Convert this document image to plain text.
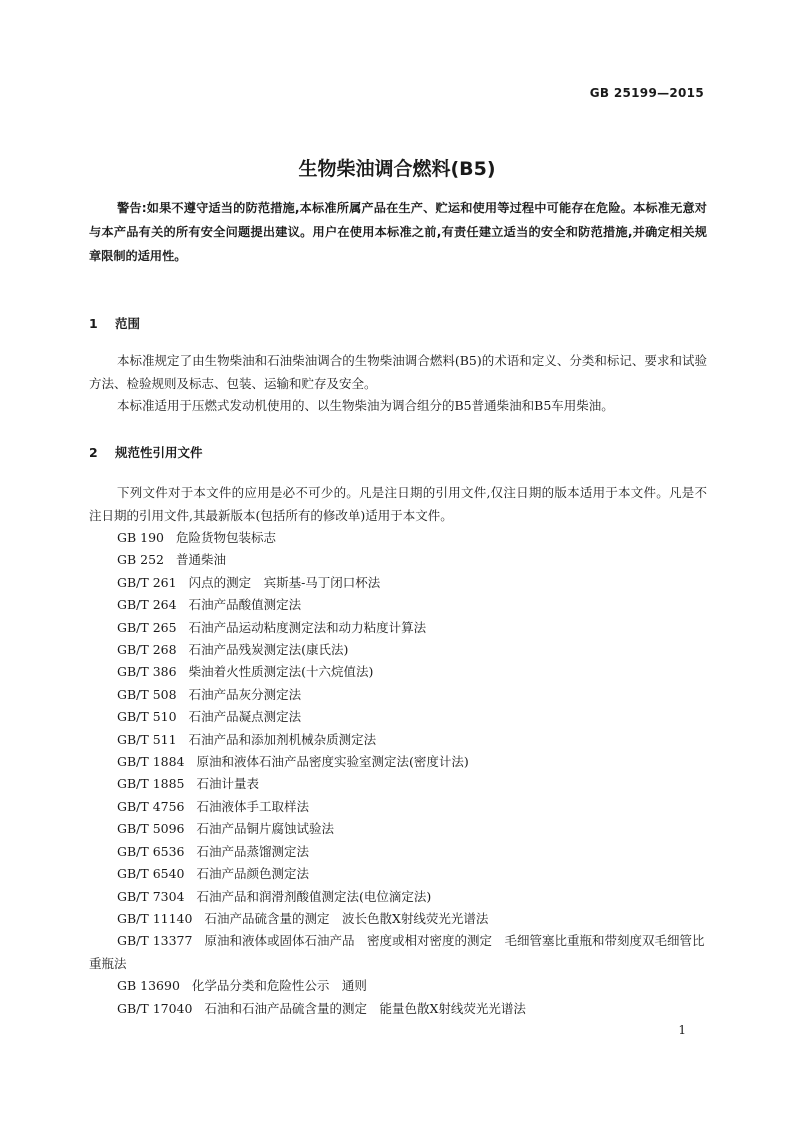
GB 25199—2015
生物柴油调合燃料(B5)
警告:如果不遵守适当的防范措施,本标准所属产品在生产、贮运和使用等过程中可能存在危险。本标准无意对与本产品有关的所有安全问题提出建议。用户在使用本标准之前,有责任建立适当的安全和防范措施,并确定相关规章限制的适用性。
1 范围
本标准规定了由生物柴油和石油柴油调合的生物柴油调合燃料(B5)的术语和定义、分类和标记、要求和试验方法、检验规则及标志、包装、运输和贮存及安全。
本标准适用于压燃式发动机使用的、以生物柴油为调合组分的B5普通柴油和B5车用柴油。
2 规范性引用文件
下列文件对于本文件的应用是必不可少的。凡是注日期的引用文件,仅注日期的版本适用于本文件。凡是不注日期的引用文件,其最新版本(包括所有的修改单)适用于本文件。
GB 190 危险货物包装标志
GB 252 普通柴油
GB/T 261 闪点的测定　宾斯基-马丁闭口杯法
GB/T 264 石油产品酸值测定法
GB/T 265 石油产品运动粘度测定法和动力粘度计算法
GB/T 268 石油产品残炭测定法(康氏法)
GB/T 386 柴油着火性质测定法(十六烷值法)
GB/T 508 石油产品灰分测定法
GB/T 510 石油产品凝点测定法
GB/T 511 石油产品和添加剂机械杂质测定法
GB/T 1884 原油和液体石油产品密度实验室测定法(密度计法)
GB/T 1885 石油计量表
GB/T 4756 石油液体手工取样法
GB/T 5096 石油产品铜片腐蚀试验法
GB/T 6536 石油产品蒸馏测定法
GB/T 6540 石油产品颜色测定法
GB/T 7304 石油产品和润滑剂酸值测定法(电位滴定法)
GB/T 11140 石油产品硫含量的测定　波长色散X射线荧光光谱法
GB/T 13377 原油和液体或固体石油产品　密度或相对密度的测定　毛细管塞比重瓶和带刻度双毛细管比重瓶法
GB 13690 化学品分类和危险性公示　通则
GB/T 17040 石油和石油产品硫含量的测定　能量色散X射线荧光光谱法
1
